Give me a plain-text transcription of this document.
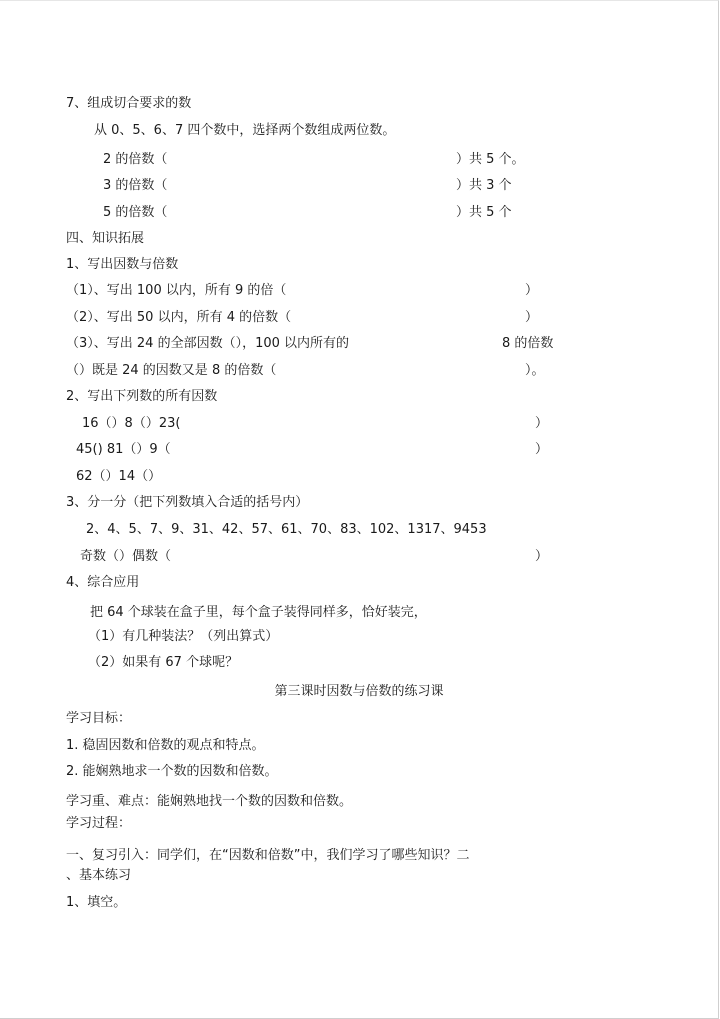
7、组成切合要求的数
从 0、5、6、7 四个数中，选择两个数组成两位数。
2 的倍数（	）共 5 个。
3 的倍数（	）共 3 个
5 的倍数（	）共 5 个
四、知识拓展
1、写出因数与倍数
（1）、写出 100 以内，所有 9 的倍（	）
（2）、写出 50 以内，所有 4 的倍数（	）
（3）、写出 24 的全部因数（），100 以内所有的	8 的倍数
（）既是 24 的因数又是 8 的倍数（	）。
2、写出下列数的所有因数
16（）8（）23(	）
45() 81（）9（	）
62（）14（）
3、分一分（把下列数填入合适的括号内）
2、4、5、7、9、31、42、57、61、70、83、102、1317、9453
奇数（）偶数（	）
4、综合应用
把 64 个球装在盒子里，每个盒子装得同样多，恰好装完，
（1）有几种装法？（列出算式）
（2）如果有 67 个球呢？
第三课时因数与倍数的练习课
学习目标：
1. 稳固因数和倍数的观点和特点。
2. 能娴熟地求一个数的因数和倍数。
学习重、难点：能娴熟地找一个数的因数和倍数。
学习过程：
一、复习引入：同学们，在“因数和倍数”中，我们学习了哪些知识？二
、基本练习
1、填空。
